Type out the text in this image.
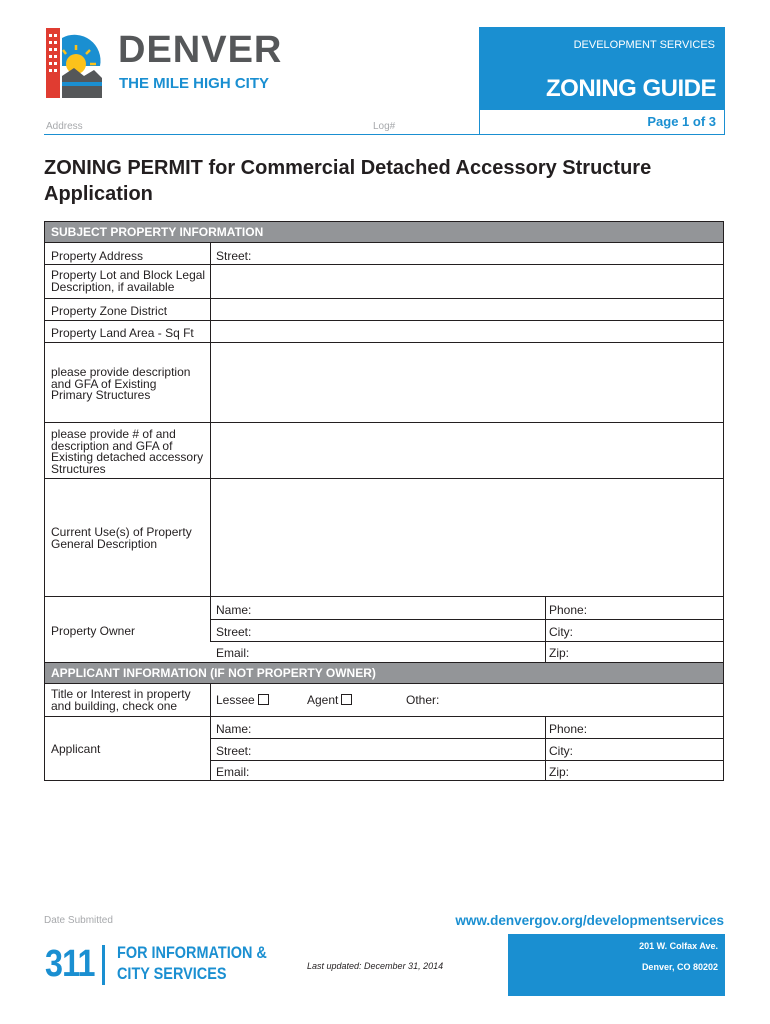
DENVER
THE MILE HIGH CITY
DEVELOPMENT SERVICES
ZONING GUIDE
Page 1 of 3
Address	Log#
ZONING PERMIT for Commercial Detached Accessory Structure Application
SUBJECT PROPERTY INFORMATION
Property Address	Street:
Property Lot and Block Legal Description, if available
Property Zone District
Property Land Area - Sq Ft
please provide description and GFA of Existing Primary Structures
please provide # of and description and GFA of Existing detached accessory Structures
Current Use(s) of Property General Description
Property Owner
Name:	Phone:
Street:	City:
Email:	Zip:
APPLICANT INFORMATION (IF NOT PROPERTY OWNER)
Title or Interest in property and building, check one	Lessee	Agent	Other:
Applicant
Name:	Phone:
Street:	City:
Email:	Zip:
Date Submitted	www.denvergov.org/developmentservices
201 W. Colfax Ave.
Denver, CO 80202
Last updated: December 31, 2014
311 FOR INFORMATION &
CITY SERVICES
